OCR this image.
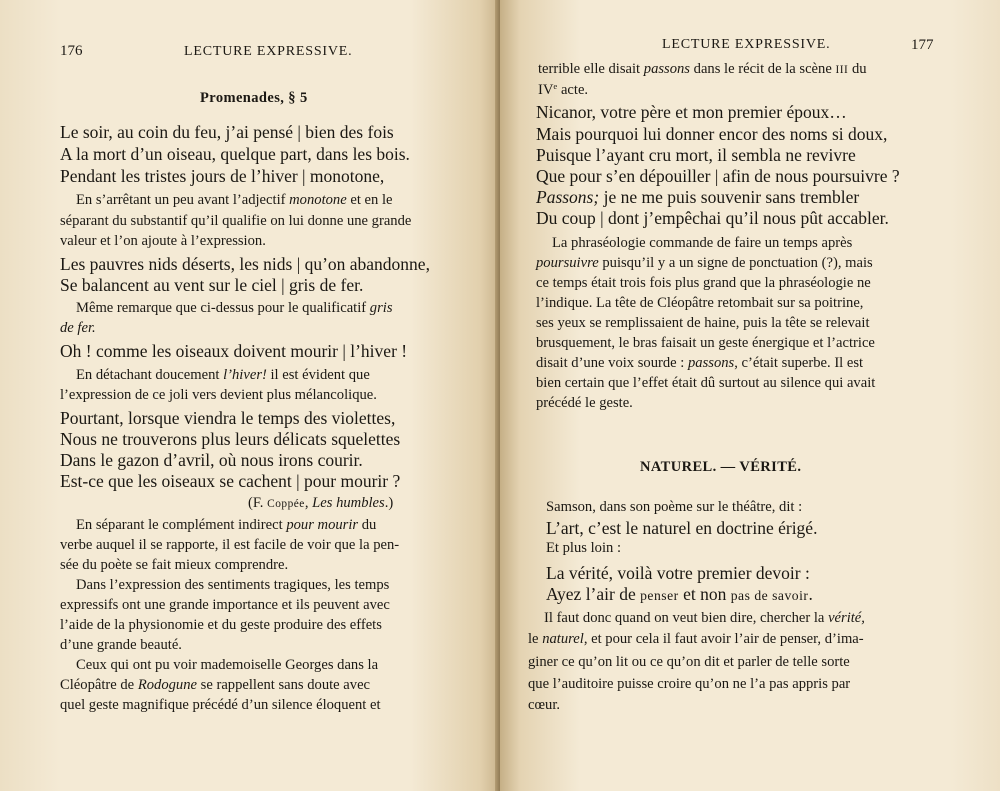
176	LECTURE EXPRESSIVE.
Promenades, § 5
Le soir, au coin du feu, j’ai pensé | bien des fois
A la mort d’un oiseau, quelque part, dans les bois.
Pendant les tristes jours de l’hiver | monotone,
En s’arrêtant un peu avant l’adjectif monotone et en le
séparant du substantif qu’il qualifie on lui donne une grande
valeur et l’on ajoute à l’expression.
Les pauvres nids déserts, les nids | qu’on abandonne,
Se balancent au vent sur le ciel | gris de fer.
Même remarque que ci-dessus pour le qualificatif gris
de fer.
Oh ! comme les oiseaux doivent mourir | l’hiver !
En détachant doucement l’hiver! il est évident que
l’expression de ce joli vers devient plus mélancolique.
Pourtant, lorsque viendra le temps des violettes,
Nous ne trouverons plus leurs délicats squelettes
Dans le gazon d’avril, où nous irons courir.
Est-ce que les oiseaux se cachent | pour mourir ?
(F. Coppée, Les humbles.)
En séparant le complément indirect pour mourir du
verbe auquel il se rapporte, il est facile de voir que la pen-
sée du poète se fait mieux comprendre.
Dans l’expression des sentiments tragiques, les temps
expressifs ont une grande importance et ils peuvent avec
l’aide de la physionomie et du geste produire des effets
d’une grande beauté.
Ceux qui ont pu voir mademoiselle Georges dans la
Cléopâtre de Rodogune se rappellent sans doute avec
quel geste magnifique précédé d’un silence éloquent et
LECTURE EXPRESSIVE.	177
terrible elle disait passons dans le récit de la scène III du
IVe acte.
Nicanor, votre père et mon premier époux…
Mais pourquoi lui donner encor des noms si doux,
Puisque l’ayant cru mort, il sembla ne revivre
Que pour s’en dépouiller | afin de nous poursuivre ?
Passons; je ne me puis souvenir sans trembler
Du coup | dont j’empêchai qu’il nous pût accabler.
La phraséologie commande de faire un temps après
poursuivre puisqu’il y a un signe de ponctuation (?), mais
ce temps était trois fois plus grand que la phraséologie ne
l’indique. La tête de Cléopâtre retombait sur sa poitrine,
ses yeux se remplissaient de haine, puis la tête se relevait
brusquement, le bras faisait un geste énergique et l’actrice
disait d’une voix sourde : passons, c’était superbe. Il est
bien certain que l’effet était dû surtout au silence qui avait
précédé le geste.
NATUREL. — VÉRITÉ.
Samson, dans son poème sur le théâtre, dit :
L’art, c’est le naturel en doctrine érigé.
Et plus loin :
La vérité, voilà votre premier devoir :
Ayez l’air de penser et non pas de savoir.
Il faut donc quand on veut bien dire, chercher la vérité,
le naturel, et pour cela il faut avoir l’air de penser, d’ima-
giner ce qu’on lit ou ce qu’on dit et parler de telle sorte
que l’auditoire puisse croire qu’on ne l’a pas appris par
cœur.
